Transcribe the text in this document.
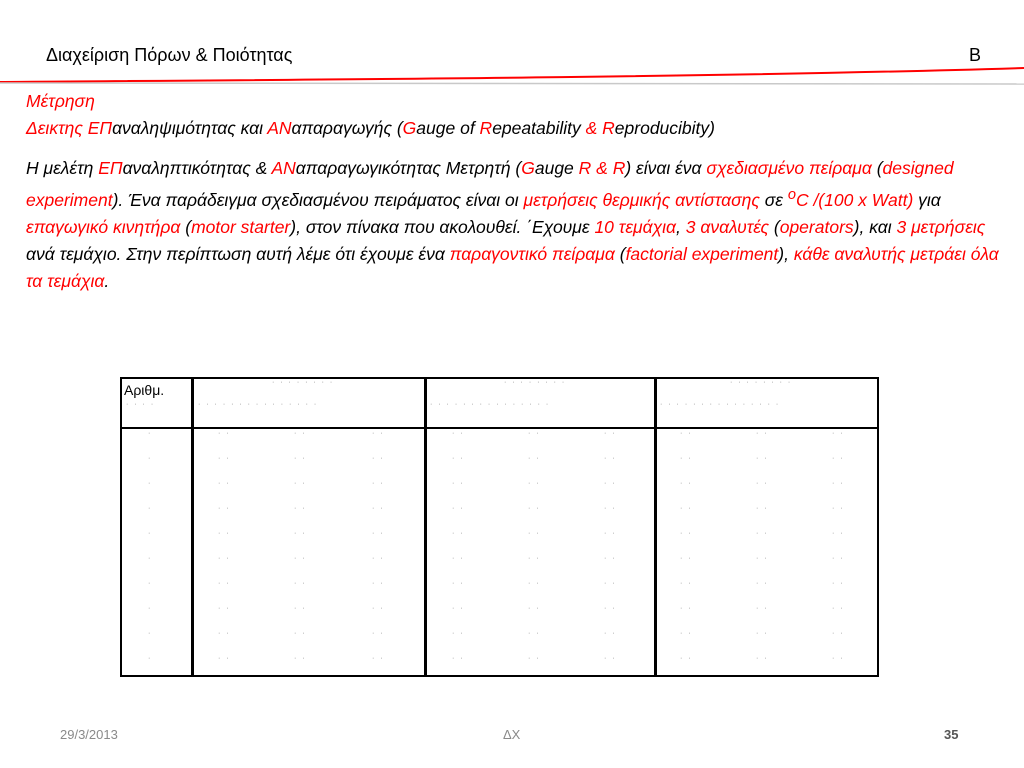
Διαχείριση Πόρων & Ποιότητας	B

Μέτρηση

Δεικτης ΕΠαναληψιμότητας και ΑΝαπαραγωγής (Gauge of Repeatability & Reproducibity)

Η μελέτη ΕΠαναληπτικότητας & ΑΝαπαραγωγικότητας Μετρητή (Gauge R & R) είναι ένα σχεδιασμένο πείραμα (designed experiment). Ένα παράδειγμα σχεδιασμένου πειράματος είναι οι μετρήσεις θερμικής αντίστασης σε $^o$C /(100 x Watt) για επαγωγικό κινητήρα (motor starter), στον πίνακα που ακολουθεί. ΄Εχουμε 10 τεμάχια, 3 αναλυτές (operators), και 3 μετρήσεις ανά τεμάχιο. Στην περίπτωση αυτή λέμε ότι έχουμε ένα παραγοντικό πείραμα (factorial experiment), κάθε αναλυτής μετράει όλα τα τεμάχια.

Αριθμ.	· · · · · · · ·	· · · · · · · ·	· · · · · · · ·
· · · · · · · · · · · · · · ·	· · · · · · · · · · · · · · ·	· · · · · · · · · · · · · · ·
· · · ·
·	· ·	· ·	· ·	· ·	· ·	· ·	· ·	· ·	· ·
·	· ·	· ·	· ·	· ·	· ·	· ·	· ·	· ·	· ·
·	· ·	· ·	· ·	· ·	· ·	· ·	· ·	· ·	· ·
·	· ·	· ·	· ·	· ·	· ·	· ·	· ·	· ·	· ·
·	· ·	· ·	· ·	· ·	· ·	· ·	· ·	· ·	· ·
·	· ·	· ·	· ·	· ·	· ·	· ·	· ·	· ·	· ·
·	· ·	· ·	· ·	· ·	· ·	· ·	· ·	· ·	· ·
·	· ·	· ·	· ·	· ·	· ·	· ·	· ·	· ·	· ·
·	· ·	· ·	· ·	· ·	· ·	· ·	· ·	· ·	· ·
·	· ·	· ·	· ·	· ·	· ·	· ·	· ·	· ·	· ·
29/3/2013	ΔΧ	35
